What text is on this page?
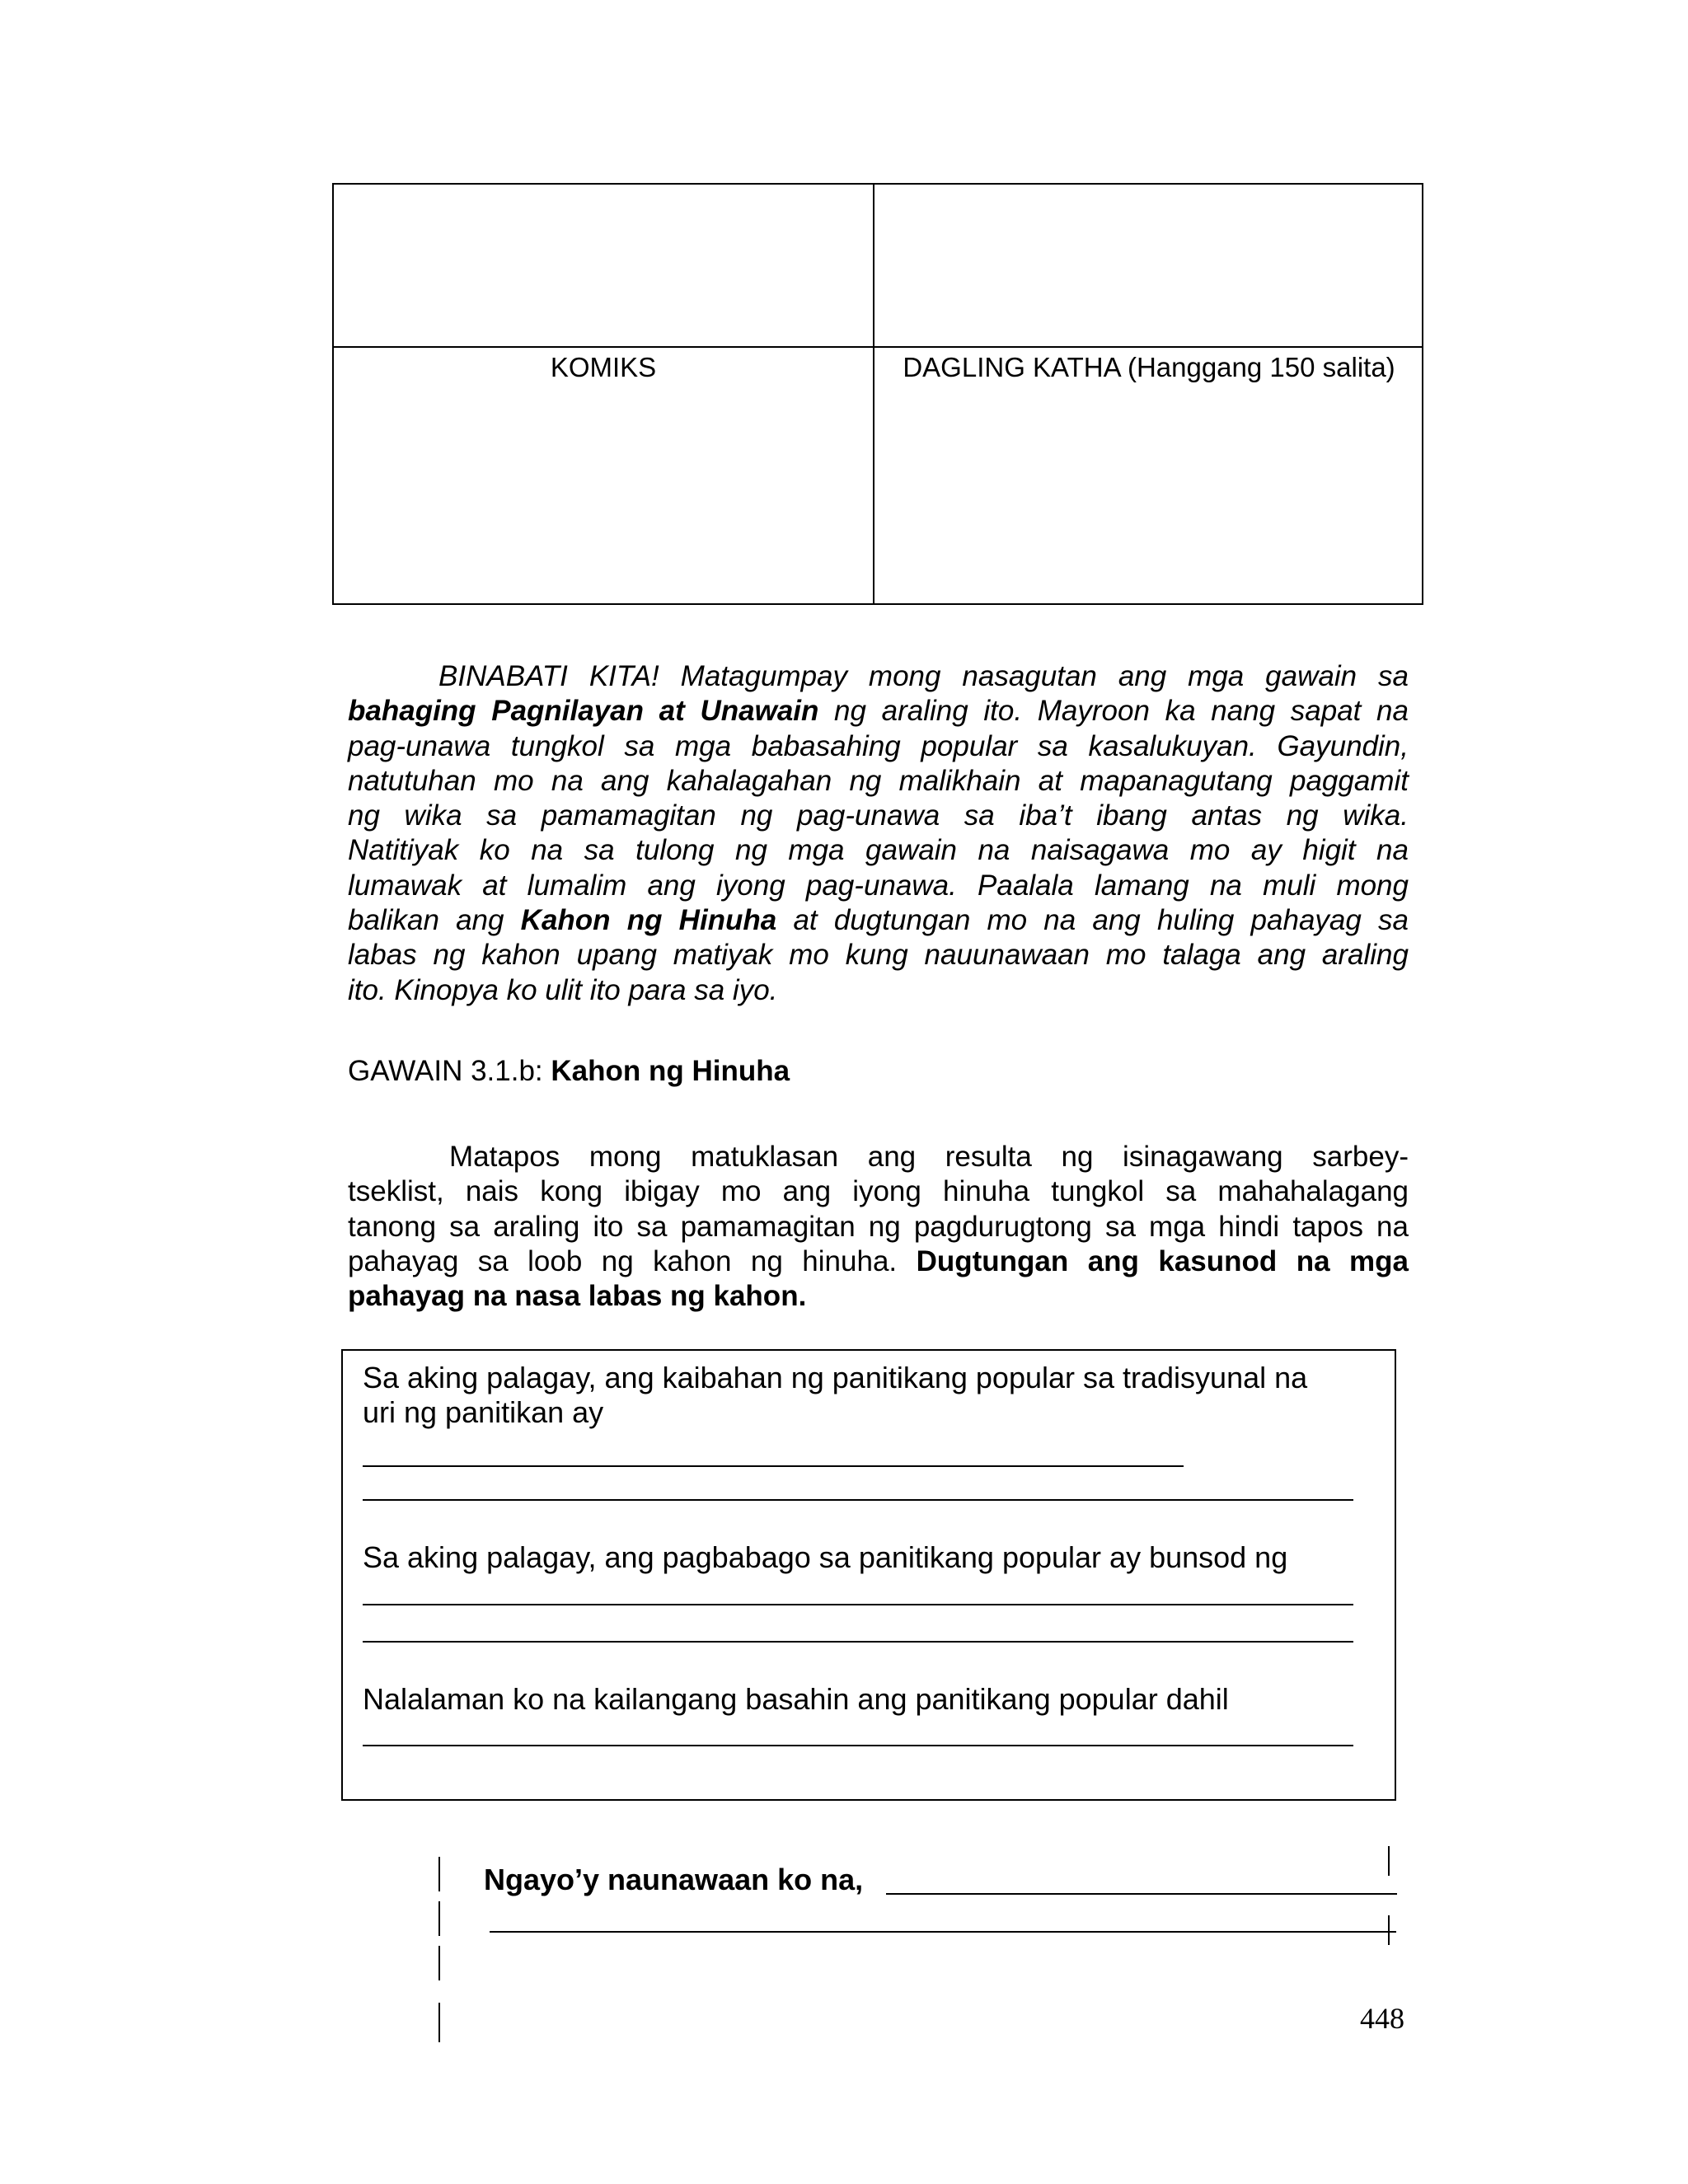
KOMIKS	DAGLING KATHA (Hanggang 150 salita)
BINABATI KITA! Matagumpay mong nasagutan ang mga gawain sa
bahaging Pagnilayan at Unawain ng araling ito. Mayroon ka nang sapat na
pag-unawa tungkol sa mga babasahing popular sa kasalukuyan. Gayundin,
natutuhan mo na ang kahalagahan ng malikhain at mapanagutang paggamit
ng wika sa pamamagitan ng pag-unawa sa iba’t ibang antas ng wika.
Natitiyak ko na sa tulong ng mga gawain na naisagawa mo ay higit na
lumawak at lumalim ang iyong pag-unawa. Paalala lamang na muli mong
balikan ang Kahon ng Hinuha at dugtungan mo na ang huling pahayag sa
labas ng kahon upang matiyak mo kung nauunawaan mo talaga ang araling
ito. Kinopya ko ulit ito para sa iyo.
GAWAIN 3.1.b: Kahon ng Hinuha
Matapos mong matuklasan ang resulta ng isinagawang sarbey-
tseklist, nais kong ibigay mo ang iyong hinuha tungkol sa mahahalagang
tanong sa araling ito sa pamamagitan ng pagdurugtong sa mga hindi tapos na
pahayag sa loob ng kahon ng hinuha. Dugtungan ang kasunod na mga
pahayag na nasa labas ng kahon.
Sa aking palagay, ang kaibahan ng panitikang popular sa tradisyunal na
uri ng panitikan ay
Sa aking palagay, ang pagbabago sa panitikang popular ay bunsod ng
Nalalaman ko na kailangang basahin ang panitikang popular dahil
Ngayo’y naunawaan ko na,
448
